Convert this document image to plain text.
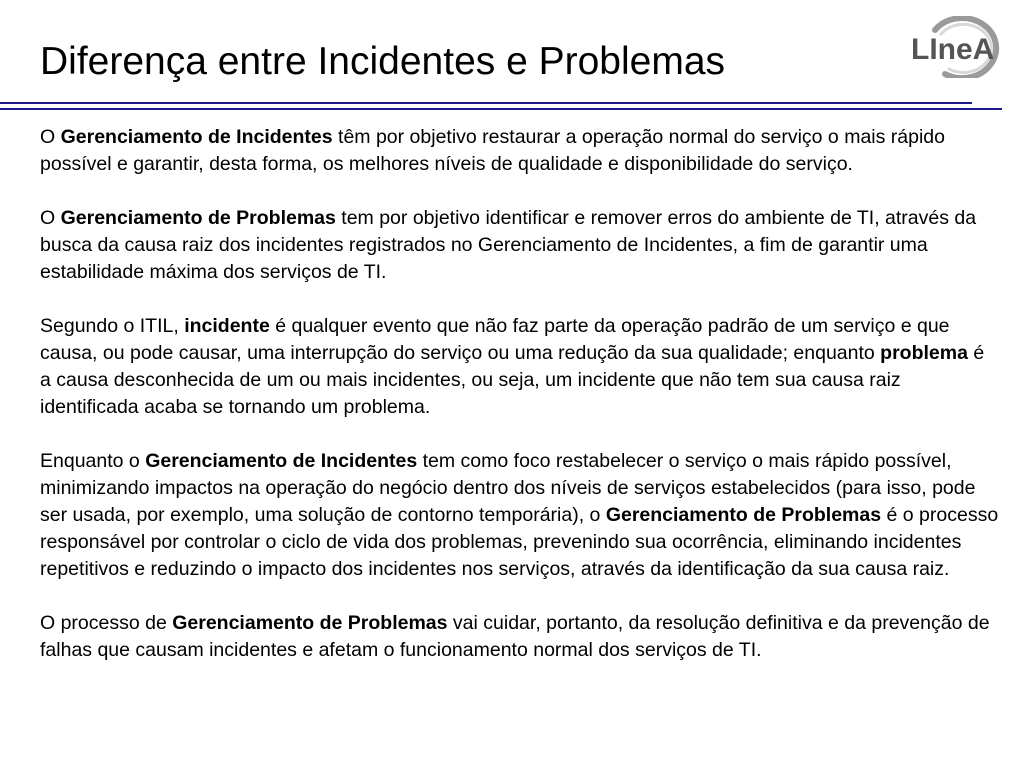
Diferença entre Incidentes e Problemas	LIneA

O Gerenciamento de Incidentes têm por objetivo restaurar a operação normal do serviço o mais rápido possível e garantir, desta forma, os melhores níveis de qualidade e disponibilidade do serviço.

O Gerenciamento de Problemas tem por objetivo identificar e remover erros do ambiente de TI, através da busca da causa raiz dos incidentes registrados no Gerenciamento de Incidentes, a fim de garantir uma estabilidade máxima dos serviços de TI.

Segundo o ITIL, incidente é qualquer evento que não faz parte da operação padrão de um serviço e que causa, ou pode causar, uma interrupção do serviço ou uma redução da sua qualidade; enquanto problema é a causa desconhecida de um ou mais incidentes, ou seja, um incidente que não tem sua causa raiz identificada acaba se tornando um problema.

Enquanto o Gerenciamento de Incidentes tem como foco restabelecer o serviço o mais rápido possível, minimizando impactos na operação do negócio dentro dos níveis de serviços estabelecidos (para isso, pode ser usada, por exemplo, uma solução de contorno temporária), o Gerenciamento de Problemas é o processo responsável por controlar o ciclo de vida dos problemas, prevenindo sua ocorrência, eliminando incidentes repetitivos e reduzindo o impacto dos incidentes nos serviços, através da identificação da sua causa raiz.

O processo de Gerenciamento de Problemas vai cuidar, portanto, da resolução definitiva e da prevenção de falhas que causam incidentes e afetam o funcionamento normal dos serviços de TI.
